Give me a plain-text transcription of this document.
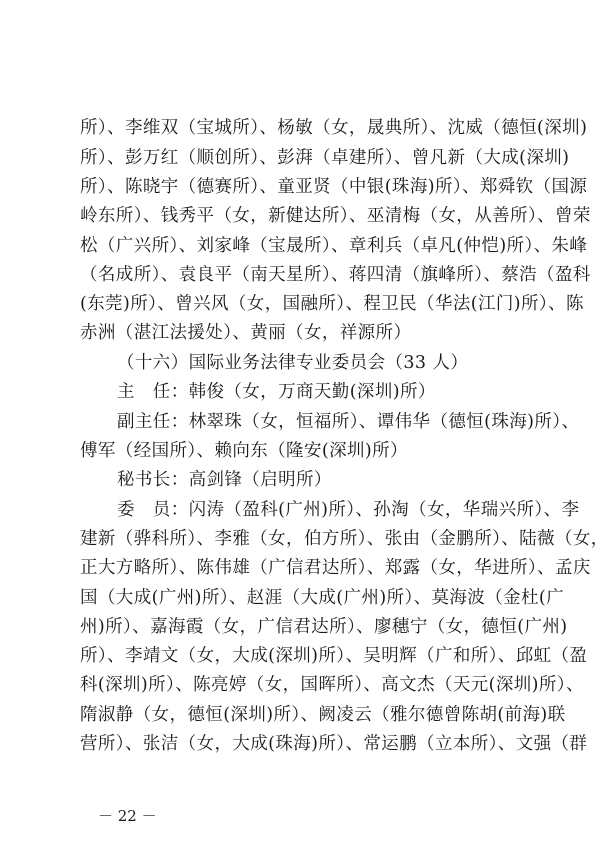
所）、李维双（宝城所）、杨敏（女，晟典所）、沈威（德恒(深圳)
所）、彭万红（顺创所）、彭湃（卓建所）、曾凡新（大成(深圳)
所）、陈晓宇（德赛所）、童亚贤（中银(珠海)所）、郑舜钦（国源
岭东所）、钱秀平（女，新健达所）、巫清梅（女，从善所）、曾荣
松（广兴所）、刘家峰（宝晟所）、章利兵（卓凡(仲恺)所）、朱峰
（名成所）、袁良平（南天星所）、蒋四清（旗峰所）、蔡浩（盈科
(东莞)所）、曾兴风（女，国融所）、程卫民（华法(江门)所）、陈
赤洲（湛江法援处）、黄丽（女，祥源所）
（十六）国际业务法律专业委员会（33 人）
主　任：韩俊（女，万商天勤(深圳)所）
副主任：林翠珠（女，恒福所）、谭伟华（德恒(珠海)所）、
傅军（经国所）、赖向东（隆安(深圳)所）
秘书长：高剑锋（启明所）
委　员：闪涛（盈科(广州)所）、孙淘（女，华瑞兴所）、李
建新（骅科所）、李雅（女，伯方所）、张由（金鹏所）、陆薇（女，
正大方略所）、陈伟雄（广信君达所）、郑露（女，华进所）、孟庆
国（大成(广州)所）、赵涯（大成(广州)所）、莫海波（金杜(广
州)所）、嘉海霞（女，广信君达所）、廖穗宁（女，德恒(广州)
所）、李靖文（女，大成(深圳)所）、吴明辉（广和所）、邱虹（盈
科(深圳)所）、陈亮婷（女，国晖所）、高文杰（天元(深圳)所）、
隋淑静（女，德恒(深圳)所）、阙凌云（雅尔德曾陈胡(前海)联
营所）、张洁（女，大成(珠海)所）、常运鹏（立本所）、文强（群
－ 22 －
